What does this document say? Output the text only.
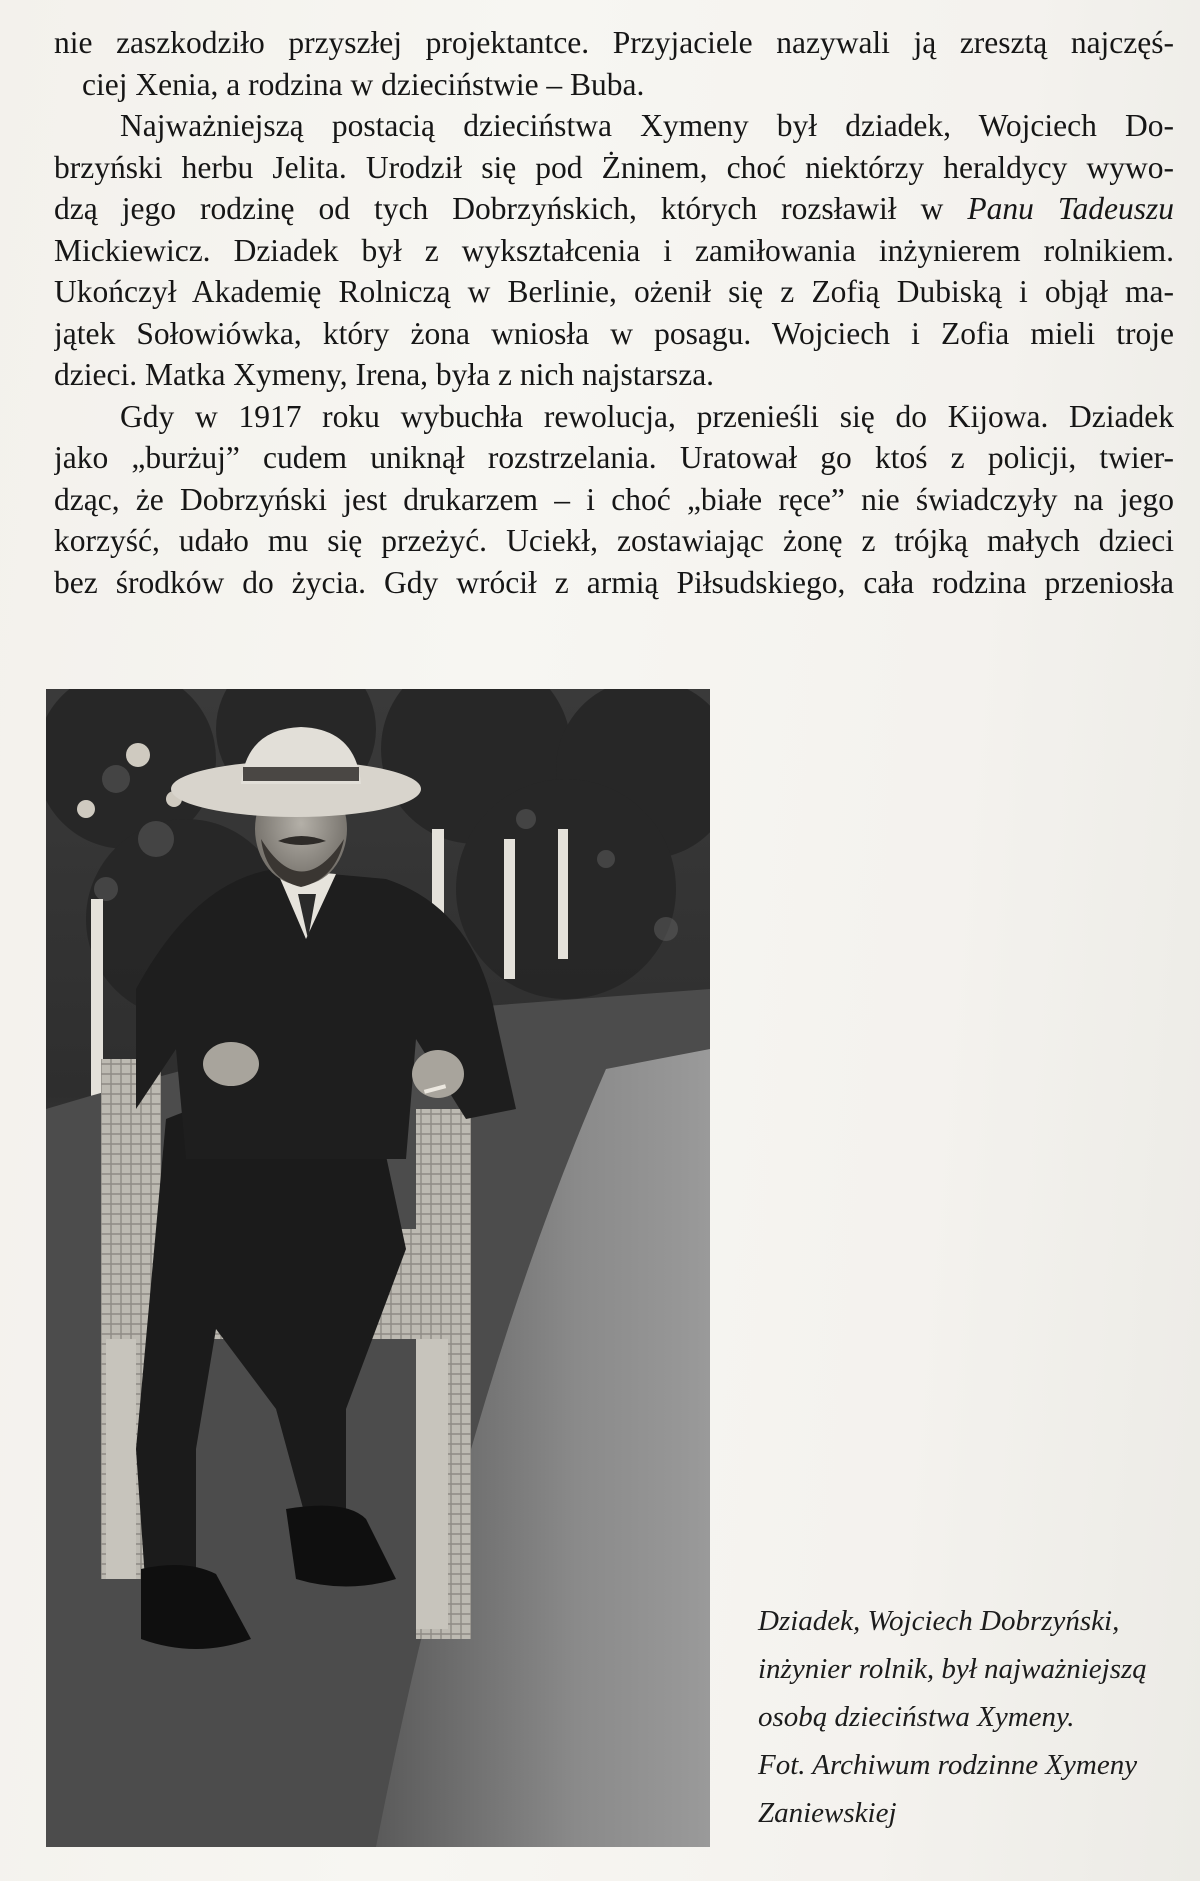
nie zaszkodziło przyszłej projektantce. Przyjaciele nazywali ją zresztą najczęś-
ciej Xenia, a rodzina w dzieciństwie – Buba.
Najważniejszą postacią dzieciństwa Xymeny był dziadek, Wojciech Do-
brzyński herbu Jelita. Urodził się pod Żninem, choć niektórzy heraldycy wywo-
dzą jego rodzinę od tych Dobrzyńskich, których rozsławił w Panu Tadeuszu
Mickiewicz. Dziadek był z wykształcenia i zamiłowania inżynierem rolnikiem.
Ukończył Akademię Rolniczą w Berlinie, ożenił się z Zofią Dubiską i objął ma-
jątek Sołowiówka, który żona wniosła w posagu. Wojciech i Zofia mieli troje
dzieci. Matka Xymeny, Irena, była z nich najstarsza.
Gdy w 1917 roku wybuchła rewolucja, przenieśli się do Kijowa. Dziadek
jako „burżuj” cudem uniknął rozstrzelania. Uratował go ktoś z policji, twier-
dząc, że Dobrzyński jest drukarzem – i choć „białe ręce” nie świadczyły na jego
korzyść, udało mu się przeżyć. Uciekł, zostawiając żonę z trójką małych dzieci
bez środków do życia. Gdy wrócił z armią Piłsudskiego, cała rodzina przeniosła
Dziadek, Wojciech Dobrzyński,
inżynier rolnik, był najważniejszą
osobą dzieciństwa Xymeny.
Fot. Archiwum rodzinne Xymeny
Zaniewskiej
